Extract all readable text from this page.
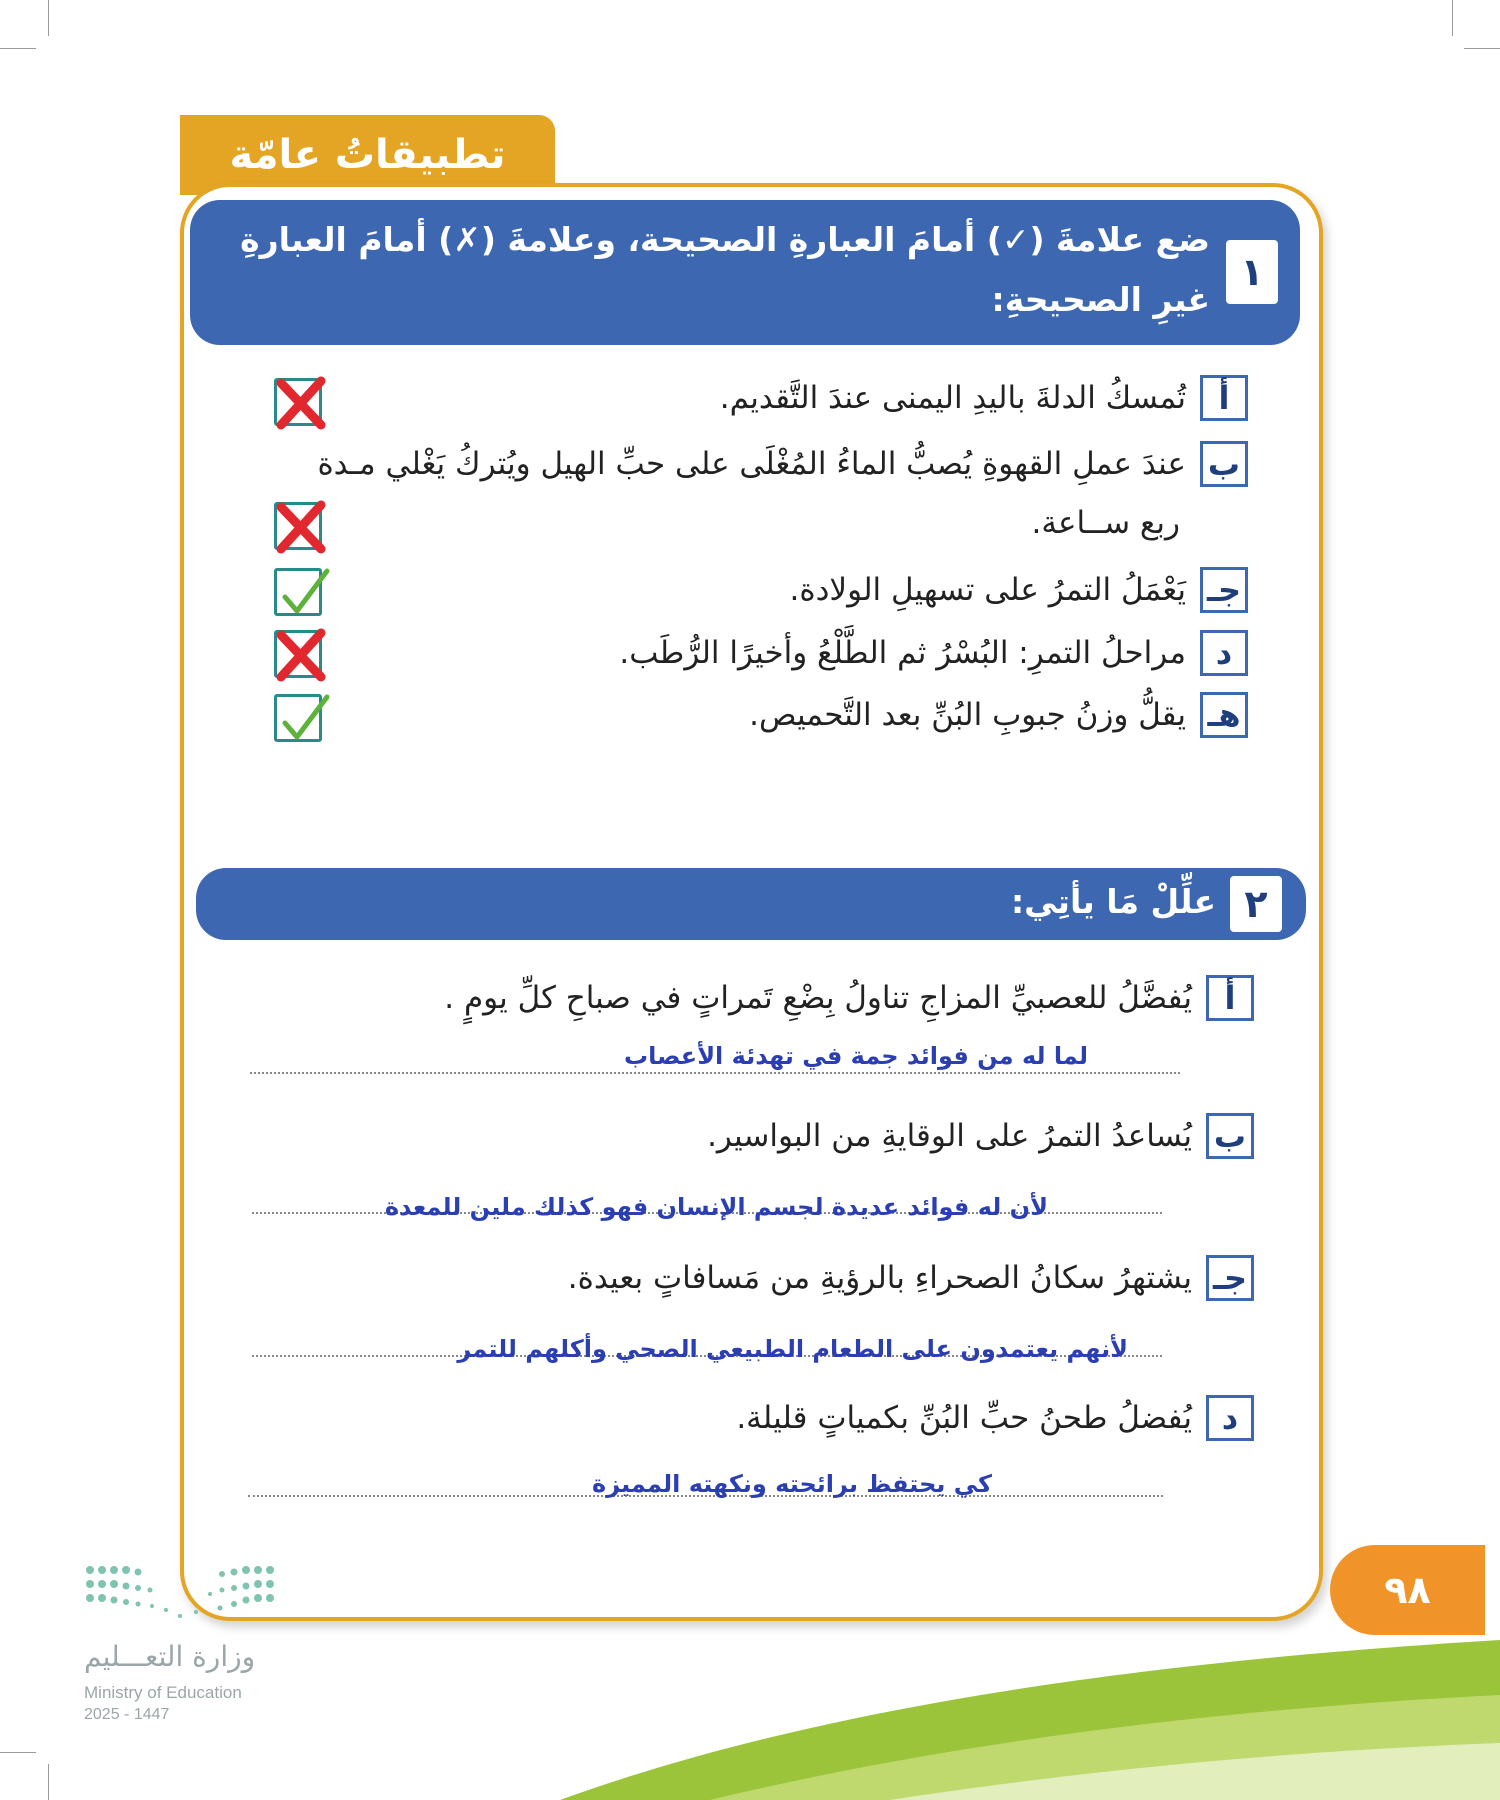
تطبيقاتُ عامّة
١
ضع علامةَ (✓) أمامَ العبارةِ الصحيحة، وعلامةَ (✗) أمامَ العبارةِ غيرِ الصحيحةِ:
أ
تُمسكُ الدلةَ باليدِ اليمنى عندَ التَّقديم.
ب
عندَ عملِ القهوةِ يُصبُّ الماءُ المُغْلَى على حبِّ الهيل ويُتركُ يَغْلي مـدة
ربع ســاعة.
جـ
يَعْمَلُ التمرُ على تسهيلِ الولادة.
د
مراحلُ التمرِ: البُسْرُ ثم الطَّلْعُ وأخيرًا الرُّطَب.
هـ
يقلُّ وزنُ جبوبِ البُنِّ بعد التَّحميص.
٢
علِّلْ مَا يأتِي:
أ
يُفضَّلُ للعصبيِّ المزاجِ تناولُ بِضْعِ تَمراتٍ في صباحِ كلِّ يومٍ .
لما له من فوائد جمة في تهدئة الأعصاب
ب
يُساعدُ التمرُ على الوقايةِ من البواسير.
لأن له فوائد عديدة لجسم الإنسان فهو كذلك ملين للمعدة
جـ
يشتهرُ سكانُ الصحراءِ بالرؤيةِ من مَسافاتٍ بعيدة.
لأنهم يعتمدون على الطعام الطبيعي الصحي وأكلهم للتمر
د
يُفضلُ طحنُ حبِّ البُنِّ بكمياتٍ قليلة.
كي يحتفظ برائحته ونكهته المميزة
٩٨
وزارة التعـــليم
Ministry of Education
2025 - 1447
